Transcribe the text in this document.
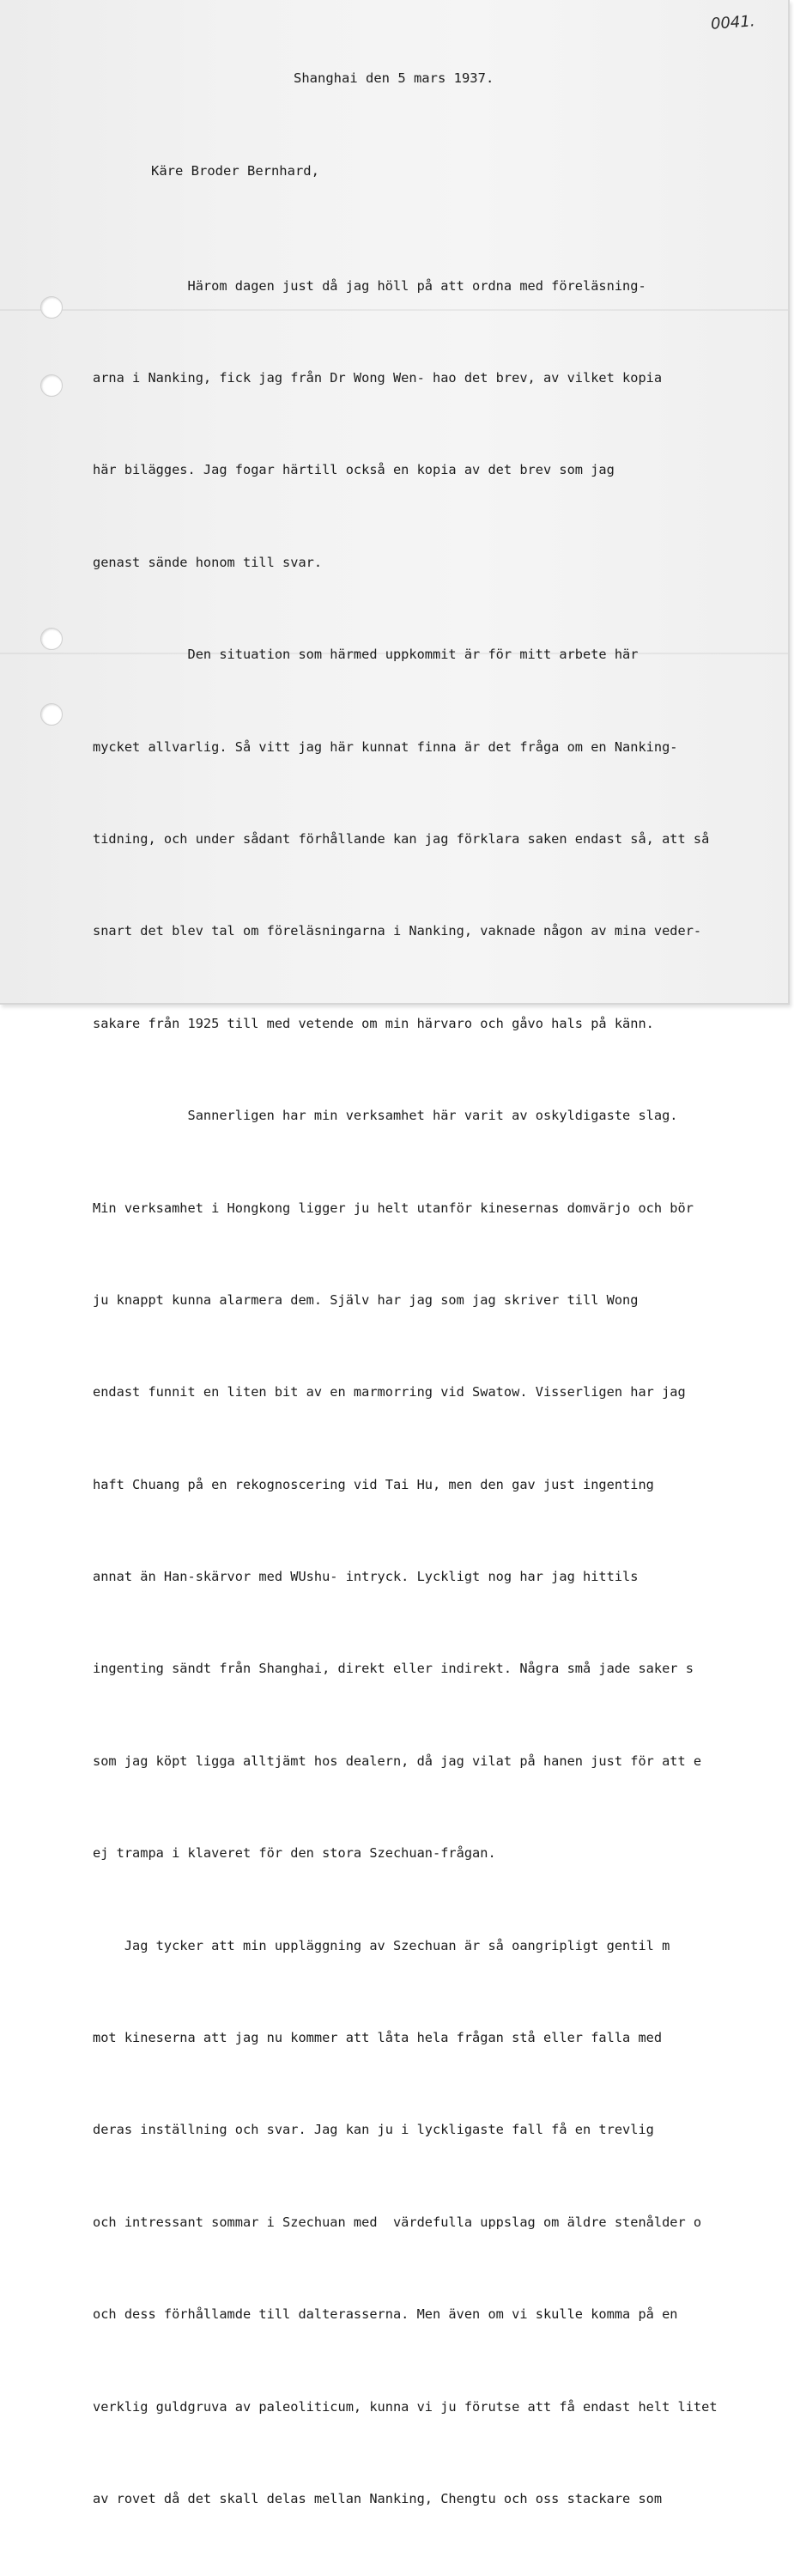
0041.
Shanghai den 5 mars 1937.
Käre Broder Bernhard,

Härom dagen just då jag höll på att ordna med föreläsning-

arna i Nanking, fick jag från Dr Wong Wen- hao det brev, av vilket kopia

här bilägges. Jag fogar härtill också en kopia av det brev som jag

genast sände honom till svar.

Den situation som härmed uppkommit är för mitt arbete här

mycket allvarlig. Så vitt jag här kunnat finna är det fråga om en Nanking-

tidning, och under sådant förhållande kan jag förklara saken endast så, att så

snart det blev tal om föreläsningarna i Nanking, vaknade någon av mina veder-

sakare från 1925 till med vetende om min härvaro och gåvo hals på känn.

Sannerligen har min verksamhet här varit av oskyldigaste slag.

Min verksamhet i Hongkong ligger ju helt utanför kinesernas domvärjo och bör

ju knappt kunna alarmera dem. Själv har jag som jag skriver till Wong

endast funnit en liten bit av en marmorring vid Swatow. Visserligen har jag

haft Chuang på en rekognoscering vid Tai Hu, men den gav just ingenting

annat än Han-skärvor med WUshu- intryck. Lyckligt nog har jag hittils

ingenting sändt från Shanghai, direkt eller indirekt. Några små jade saker s

som jag köpt ligga alltjämt hos dealern, då jag vilat på hanen just för att e

ej trampa i klaveret för den stora Szechuan-frågan.

Jag tycker att min uppläggning av Szechuan är så oangripligt gentil m

mot kineserna att jag nu kommer att låta hela frågan stå eller falla med

deras inställning och svar. Jag kan ju i lyckligaste fall få en trevlig

och intressant sommar i Szechuan med  värdefulla uppslag om äldre stenålder o

och dess förhållamde till dalterasserna. Men även om vi skulle komma på en

verklig guldgruva av paleoliticum, kunna vi ju förutse att få endast helt litet

av rovet då det skall delas mellan Nanking, Chengtu och oss stackare som
